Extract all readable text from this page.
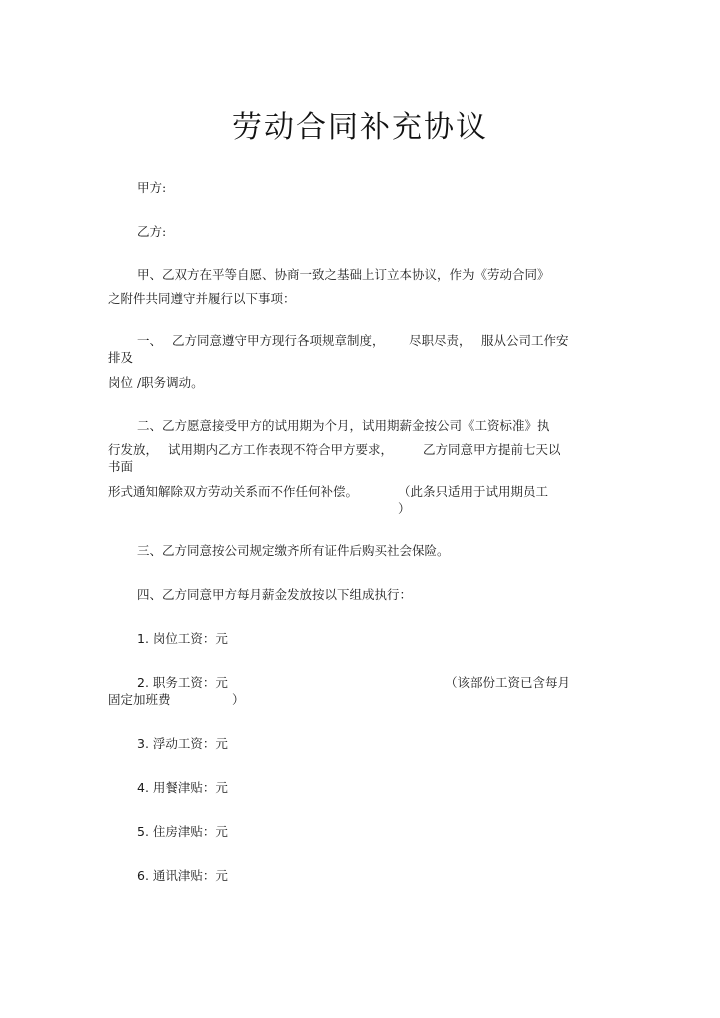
劳动合同补充协议
甲方:
乙方:
甲、乙双方在平等自愿、协商一致之基础上订立本协议，作为《劳动合同》
之附件共同遵守并履行以下事项：
一、 乙方同意遵守甲方现行各项规章制度， 尽职尽责， 服从公司工作安
排及
岗位 /职务调动。
二、乙方愿意接受甲方的试用期为个月，试用期薪金按公司《工资标准》执
行发放， 试用期内乙方工作表现不符合甲方要求， 乙方同意甲方提前七天以
书面
形式通知解除双方劳动关系而不作任何补偿。	（此条只适用于试用期员工
）
三、乙方同意按公司规定缴齐所有证件后购买社会保险。
四、乙方同意甲方每月薪金发放按以下组成执行：
1. 岗位工资：元
2. 职务工资：元	（该部份工资已含每月
固定加班费	）
3. 浮动工资：元
4. 用餐津贴：元
5. 住房津贴：元
6. 通讯津贴：元
